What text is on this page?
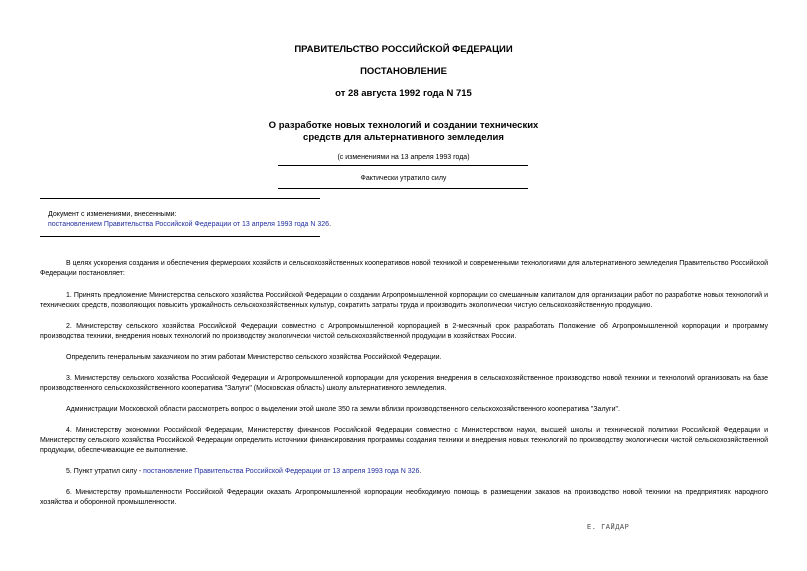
ПРАВИТЕЛЬСТВО РОССИЙСКОЙ ФЕДЕРАЦИИ
ПОСТАНОВЛЕНИЕ
от 28 августа 1992 года N 715
О разработке новых технологий и создании технических
средств для альтернативного земледелия
(с изменениями на 13 апреля 1993 года)
Фактически утратило силу
Документ с изменениями, внесенными:
постановлением Правительства Российской Федерации от 13 апреля 1993 года N 326.

В целях ускорения создания и обеспечения фермерских хозяйств и сельскохозяйственных кооперативов новой техникой и современными технологиями для альтернативного земледелия Правительство Российской Федерации постановляет:

1. Принять предложение Министерства сельского хозяйства Российской Федерации о создании Агропромышленной корпорации со смешанным капиталом для организации работ по разработке новых технологий и технических средств, позволяющих повысить урожайность сельскохозяйственных культур, сократить затраты труда и производить экологически чистую сельскохозяйственную продукцию.

2. Министерству сельского хозяйства Российской Федерации совместно с Агропромышленной корпорацией в 2-месячный срок разработать Положение об Агропромышленной корпорации и программу производства техники, внедрения новых технологий по производству экологически чистой сельскохозяйственной продукции в хозяйствах России.

Определить генеральным заказчиком по этим работам Министерство сельского хозяйства Российской Федерации.

3. Министерству сельского хозяйства Российской Федерации и Агропромышленной корпорации для ускорения внедрения в сельскохозяйственное производство новой техники и технологий организовать на базе производственного сельскохозяйственного кооператива "Залуги" (Московская область) школу альтернативного земледелия.

Администрации Московской области рассмотреть вопрос о выделении этой школе 350 га земли вблизи производственного сельскохозяйственного кооператива "Залуги".

4. Министерству экономики Российской Федерации, Министерству финансов Российской Федерации совместно с Министерством науки, высшей школы и технической политики Российской Федерации и Министерству сельского хозяйства Российской Федерации определить источники финансирования программы создания техники и внедрения новых технологий по производству экологически чистой сельскохозяйственной продукции, обеспечивающие ее выполнение.

5. Пункт утратил силу - постановление Правительства Российской Федерации от 13 апреля 1993 года N 326.

6. Министерству промышленности Российской Федерации оказать Агропромышленной корпорации необходимую помощь в размещении заказов на производство новой техники на предприятиях народного хозяйства и оборонной промышленности.

Е. ГАЙДАР
